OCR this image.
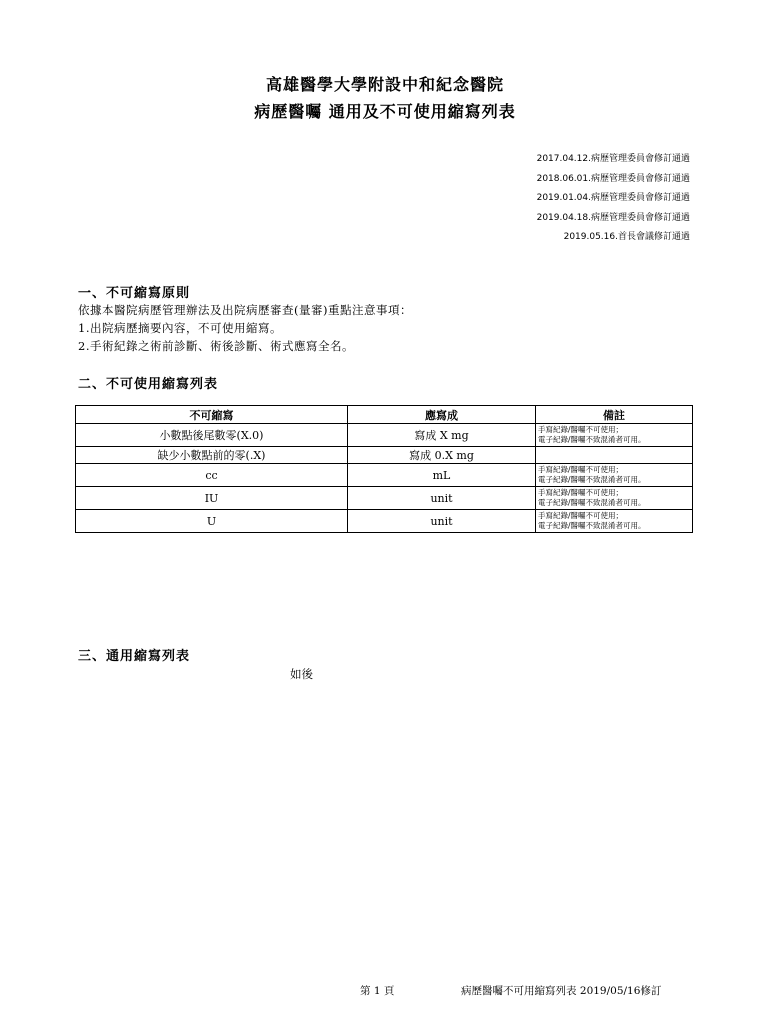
高雄醫學大學附設中和紀念醫院
病歷醫囑 通用及不可使用縮寫列表
2017.04.12.病歷管理委員會修訂通過
2018.06.01.病歷管理委員會修訂通過
2019.01.04.病歷管理委員會修訂通過
2019.04.18.病歷管理委員會修訂通過
2019.05.16.首長會議修訂通過
一、不可縮寫原則
依據本醫院病歷管理辦法及出院病歷審查(量審)重點注意事項：
1.出院病歷摘要內容，不可使用縮寫。
2.手術紀錄之術前診斷、術後診斷、術式應寫全名。
二、不可使用縮寫列表
不可縮寫	應寫成	備註
小數點後尾數零(X.0)	寫成 X mg	手寫紀錄/醫囑不可使用；
電子紀錄/醫囑不致混淆者可用。

缺少小數點前的零(.X)	寫成 0.X mg	
cc	mL	手寫紀錄/醫囑不可使用；
電子紀錄/醫囑不致混淆者可用。

IU	unit	手寫紀錄/醫囑不可使用；
電子紀錄/醫囑不致混淆者可用。

U	unit	手寫紀錄/醫囑不可使用；
電子紀錄/醫囑不致混淆者可用。
三、通用縮寫列表
如後
第 1 頁	病歷醫囑不可用縮寫列表 2019/05/16修訂
